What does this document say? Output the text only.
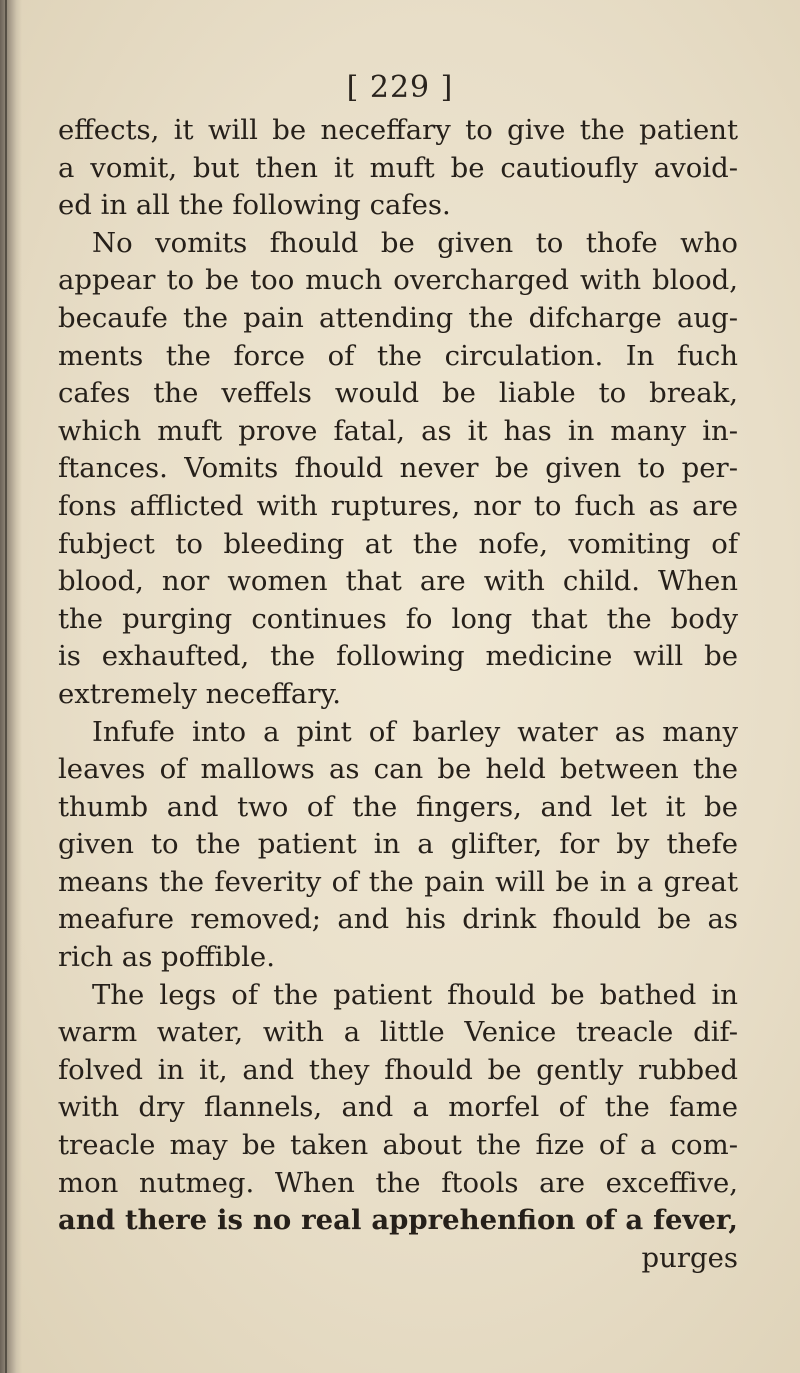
[ 229 ]
effects, it will be neceffary to give the patient
a vomit, but then it muft be cautioufly avoid-
ed in all the following cafes.
No vomits fhould be given to thofe who
appear to be too much overcharged with blood,
becaufe the pain attending the difcharge aug-
ments the force of the circulation. In fuch
cafes the veffels would be liable to break,
which muft prove fatal, as it has in many in-
ftances. Vomits fhould never be given to per-
fons afflicted with ruptures, nor to fuch as are
fubject to bleeding at the nofe, vomiting of
blood, nor women that are with child. When
the purging continues fo long that the body
is exhaufted, the following medicine will be
extremely neceffary.
Infufe into a pint of barley water as many
leaves of mallows as can be held between the
thumb and two of the fingers, and let it be
given to the patient in a glifter, for by thefe
means the feverity of the pain will be in a great
meafure removed; and his drink fhould be as
rich as poffible.
The legs of the patient fhould be bathed in
warm water, with a little Venice treacle dif-
folved in it, and they fhould be gently rubbed
with dry flannels, and a morfel of the fame
treacle may be taken about the fize of a com-
mon nutmeg. When the ftools are exceffive,
and there is no real apprehenfion of a fever,
purges
